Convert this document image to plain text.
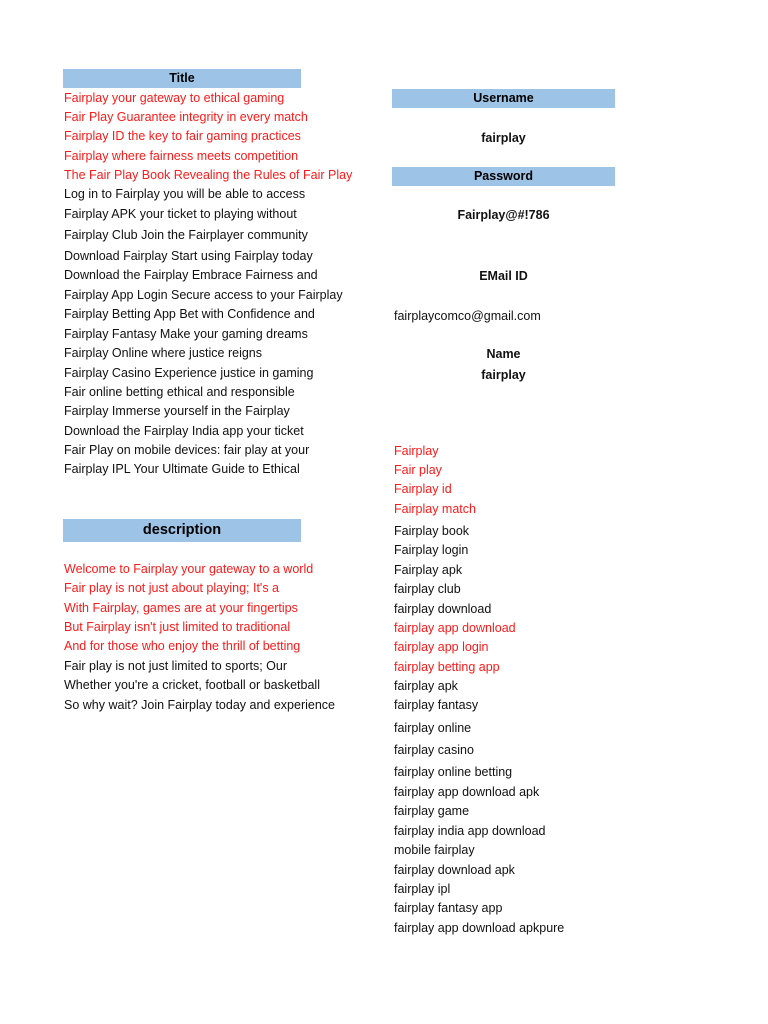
Title
Fairplay your gateway to ethical gaming
Fair Play Guarantee integrity in every match
Fairplay ID the key to fair gaming practices
Fairplay where fairness meets competition
The Fair Play Book Revealing the Rules of Fair Play
Log in to Fairplay you will be able to access
Fairplay APK your ticket to playing without
Fairplay Club Join the Fairplayer community
Download Fairplay Start using Fairplay today
Download the Fairplay Embrace Fairness and
Fairplay App Login Secure access to your Fairplay
Fairplay Betting App Bet with Confidence and
Fairplay Fantasy Make your gaming dreams
Fairplay Online where justice reigns
Fairplay Casino Experience justice in gaming
Fair online betting ethical and responsible
Fairplay Immerse yourself in the Fairplay
Download the Fairplay India app your ticket
Fair Play on mobile devices: fair play at your
Fairplay IPL Your Ultimate Guide to Ethical
description
Welcome to Fairplay your gateway to a world
Fair play is not just about playing; It's a
With Fairplay, games are at your fingertips
But Fairplay isn't just limited to traditional
And for those who enjoy the thrill of betting
Fair play is not just limited to sports; Our
Whether you're a cricket, football or basketball
So why wait? Join Fairplay today and experience
Username
fairplay
Password
Fairplay@#!786
EMail ID
fairplaycomco@gmail.com
Name
fairplay
Fairplay
Fair play
Fairplay id
Fairplay match
Fairplay book
Fairplay login
Fairplay apk
fairplay club
fairplay download
fairplay app download
fairplay app login
fairplay betting app
fairplay apk
fairplay fantasy
fairplay online
fairplay casino
fairplay online betting
fairplay app download apk
fairplay game
fairplay india app download
mobile fairplay
fairplay download apk
fairplay ipl
fairplay fantasy app
fairplay app download apkpure
